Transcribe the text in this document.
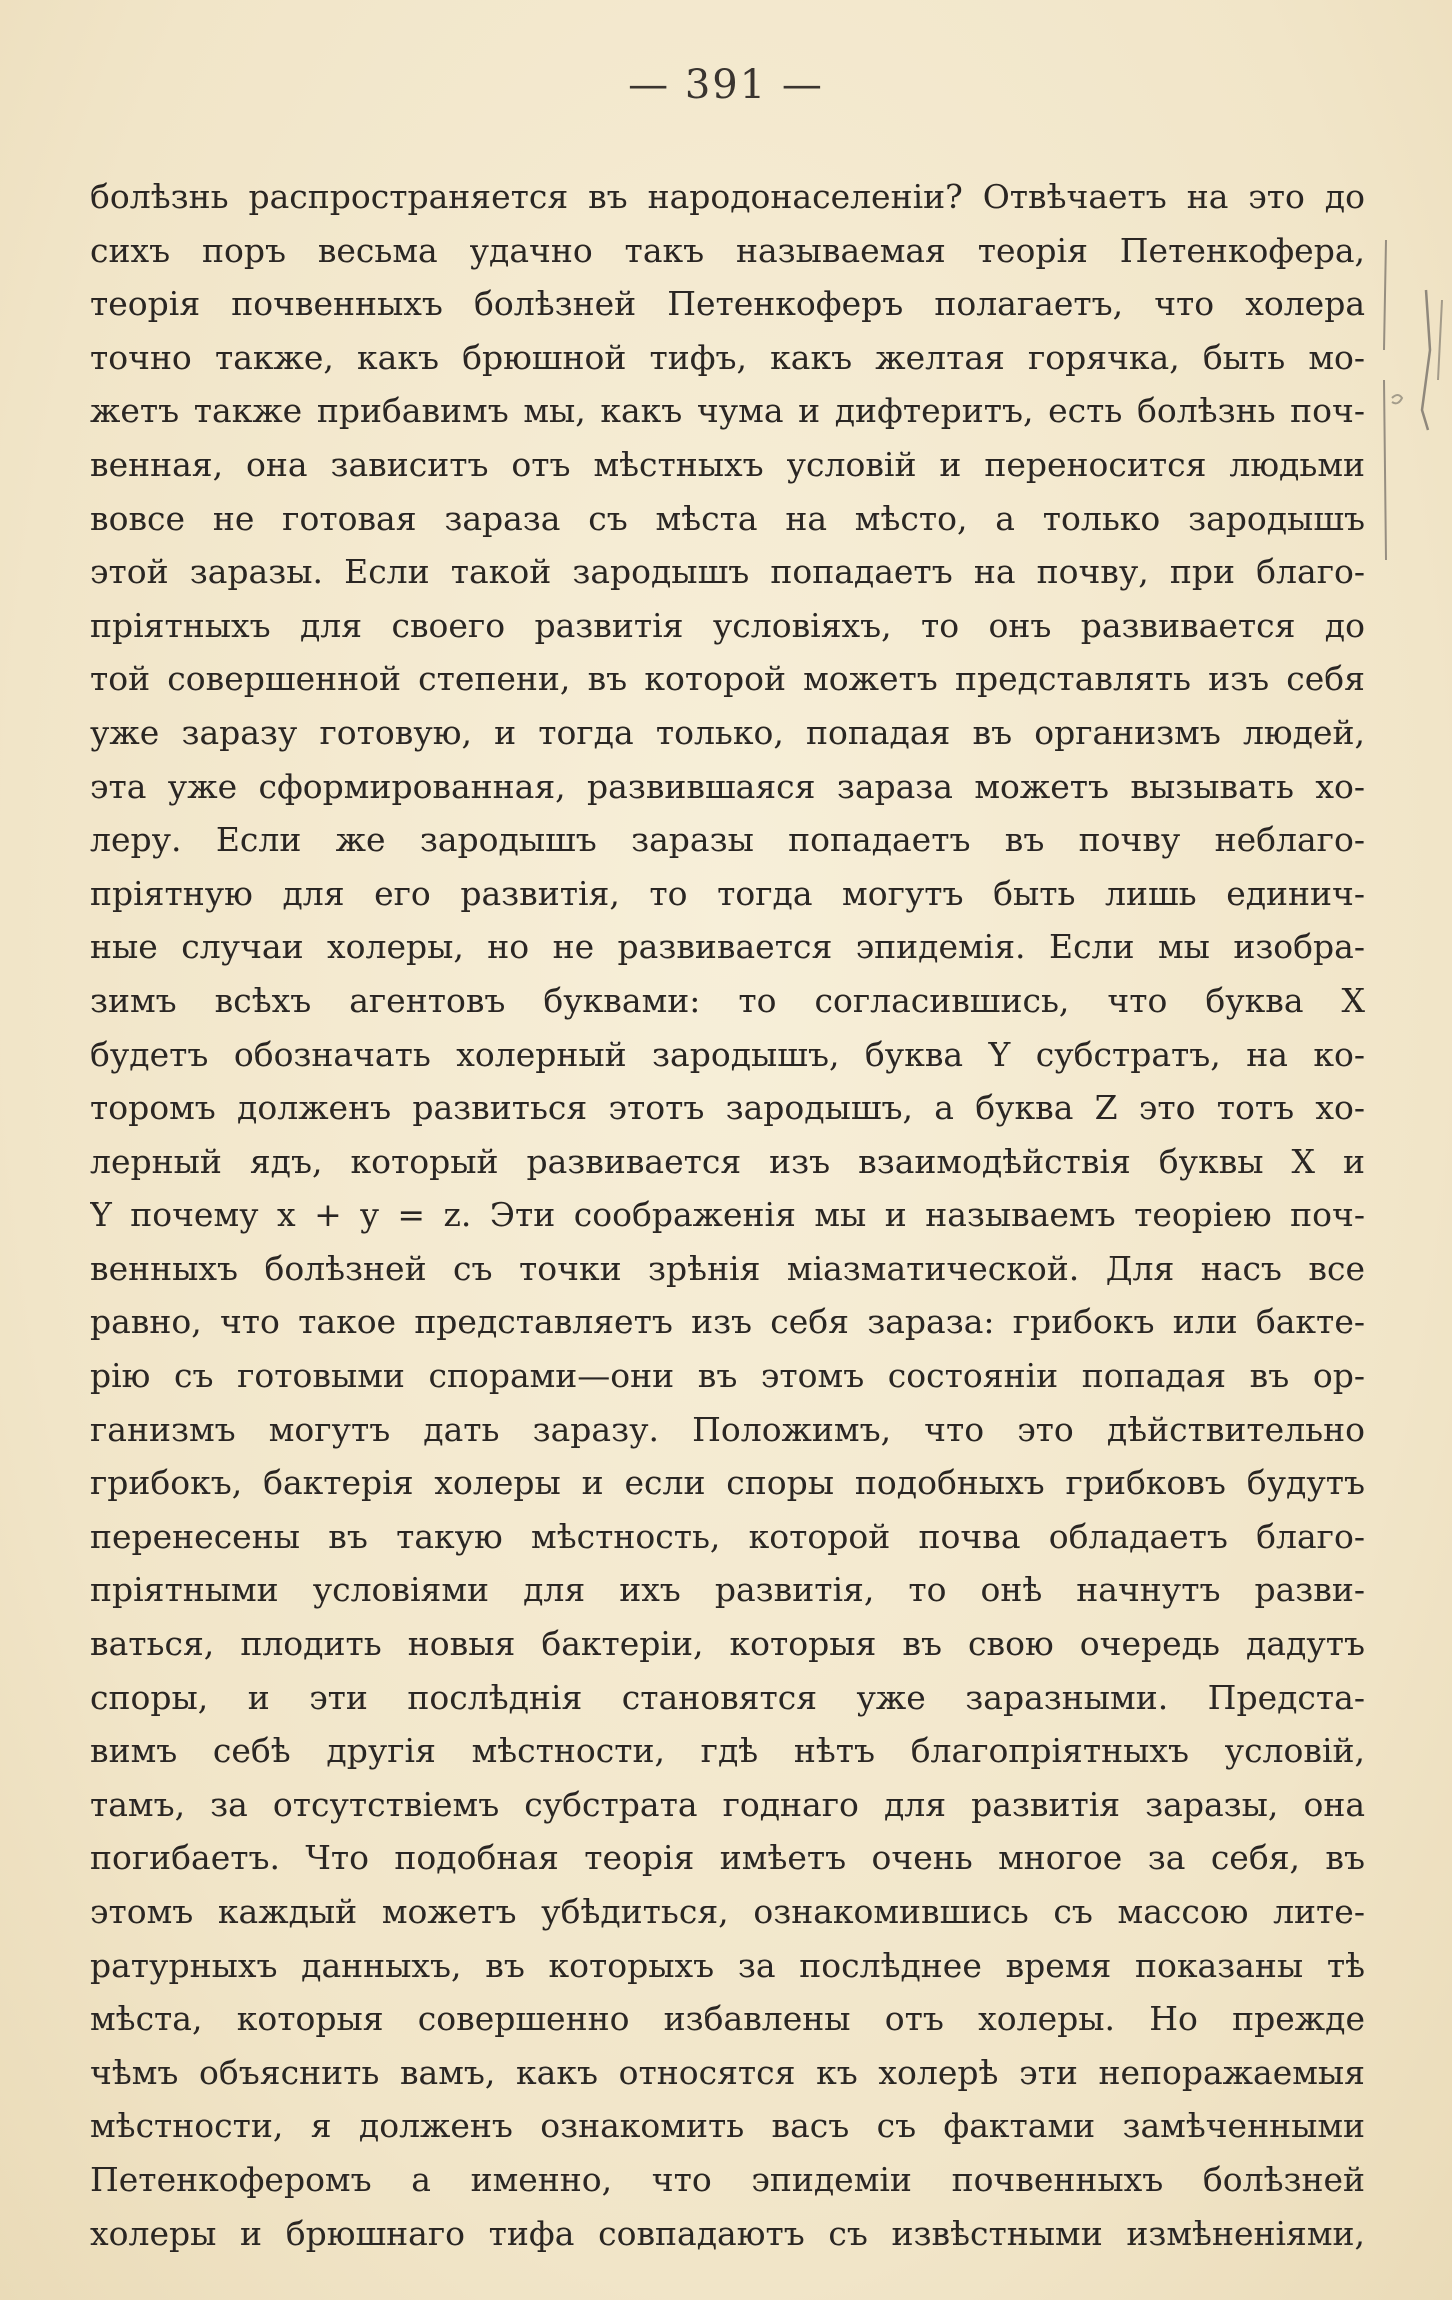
— 391 —
болѣзнь распространяется въ народонаселеніи? Отвѣчаетъ на это до
сихъ поръ весьма удачно такъ называемая теорія Петенкофера,
теорія почвенныхъ болѣзней Петенкоферъ полагаетъ, что холера
точно также, какъ брюшной тифъ, какъ желтая горячка, быть мо-
жетъ также прибавимъ мы, какъ чума и дифтеритъ, есть болѣзнь поч-
венная, она зависитъ отъ мѣстныхъ условій и переносится людьми
вовсе не готовая зараза съ мѣста на мѣсто, а только зародышъ
этой заразы. Если такой зародышъ попадаетъ на почву, при благо-
пріятныхъ для своего развитія условіяхъ, то онъ развивается до
той совершенной степени, въ которой можетъ представлять изъ себя
уже заразу готовую, и тогда только, попадая въ организмъ людей,
эта уже сформированная, развившаяся зараза можетъ вызывать хо-
леру. Если же зародышъ заразы попадаетъ въ почву неблаго-
пріятную для его развитія, то тогда могутъ быть лишь единич-
ные случаи холеры, но не развивается эпидемія. Если мы изобра-
зимъ всѣхъ агентовъ буквами: то согласившись, что буква X
будетъ обозначать холерный зародышъ, буква Y субстратъ, на ко-
торомъ долженъ развиться этотъ зародышъ, а буква Z это тотъ хо-
лерный ядъ, который развивается изъ взаимодѣйствія буквы X и
Y почему x + y = z. Эти соображенія мы и называемъ теоріею поч-
венныхъ болѣзней съ точки зрѣнія міазматической. Для насъ все
равно, что такое представляетъ изъ себя зараза: грибокъ или бакте-
рію съ готовыми спорами—они въ этомъ состояніи попадая въ ор-
ганизмъ могутъ дать заразу. Положимъ, что это дѣйствительно
грибокъ, бактерія холеры и если споры подобныхъ грибковъ будутъ
перенесены въ такую мѣстность, которой почва обладаетъ благо-
пріятными условіями для ихъ развитія, то онѣ начнутъ разви-
ваться, плодить новыя бактеріи, которыя въ свою очередь дадутъ
споры, и эти послѣднія становятся уже заразными. Предста-
вимъ себѣ другія мѣстности, гдѣ нѣтъ благопріятныхъ условій,
тамъ, за отсутствіемъ субстрата годнаго для развитія заразы, она
погибаетъ. Что подобная теорія имѣетъ очень многое за себя, въ
этомъ каждый можетъ убѣдиться, ознакомившись съ массою лите-
ратурныхъ данныхъ, въ которыхъ за послѣднее время показаны тѣ
мѣста, которыя совершенно избавлены отъ холеры. Но прежде
чѣмъ объяснить вамъ, какъ относятся къ холерѣ эти непоражаемыя
мѣстности, я долженъ ознакомить васъ съ фактами замѣченными
Петенкоферомъ а именно, что эпидеміи почвенныхъ болѣзней
холеры и брюшнаго тифа совпадаютъ съ извѣстными измѣненіями,
